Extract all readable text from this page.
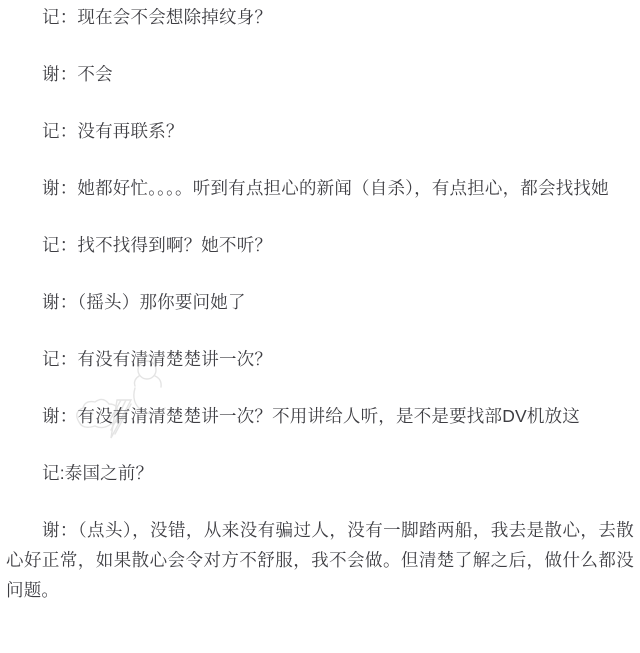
记：现在会不会想除掉纹身？

谢：不会

记：没有再联系？

谢：她都好忙。。。。听到有点担心的新闻（自杀），有点担心，都会找找她

记：找不找得到啊？她不听？

谢：（摇头）那你要问她了

记：有没有清清楚楚讲一次？

谢：有没有清清楚楚讲一次？不用讲给人听，是不是要找部DV机放这

记:泰国之前？

谢：（点头），没错，从来没有骗过人，没有一脚踏两船，我去是散心，去散心好正常，如果散心会令对方不舒服，我不会做。但清楚了解之后，做什么都没问题。
